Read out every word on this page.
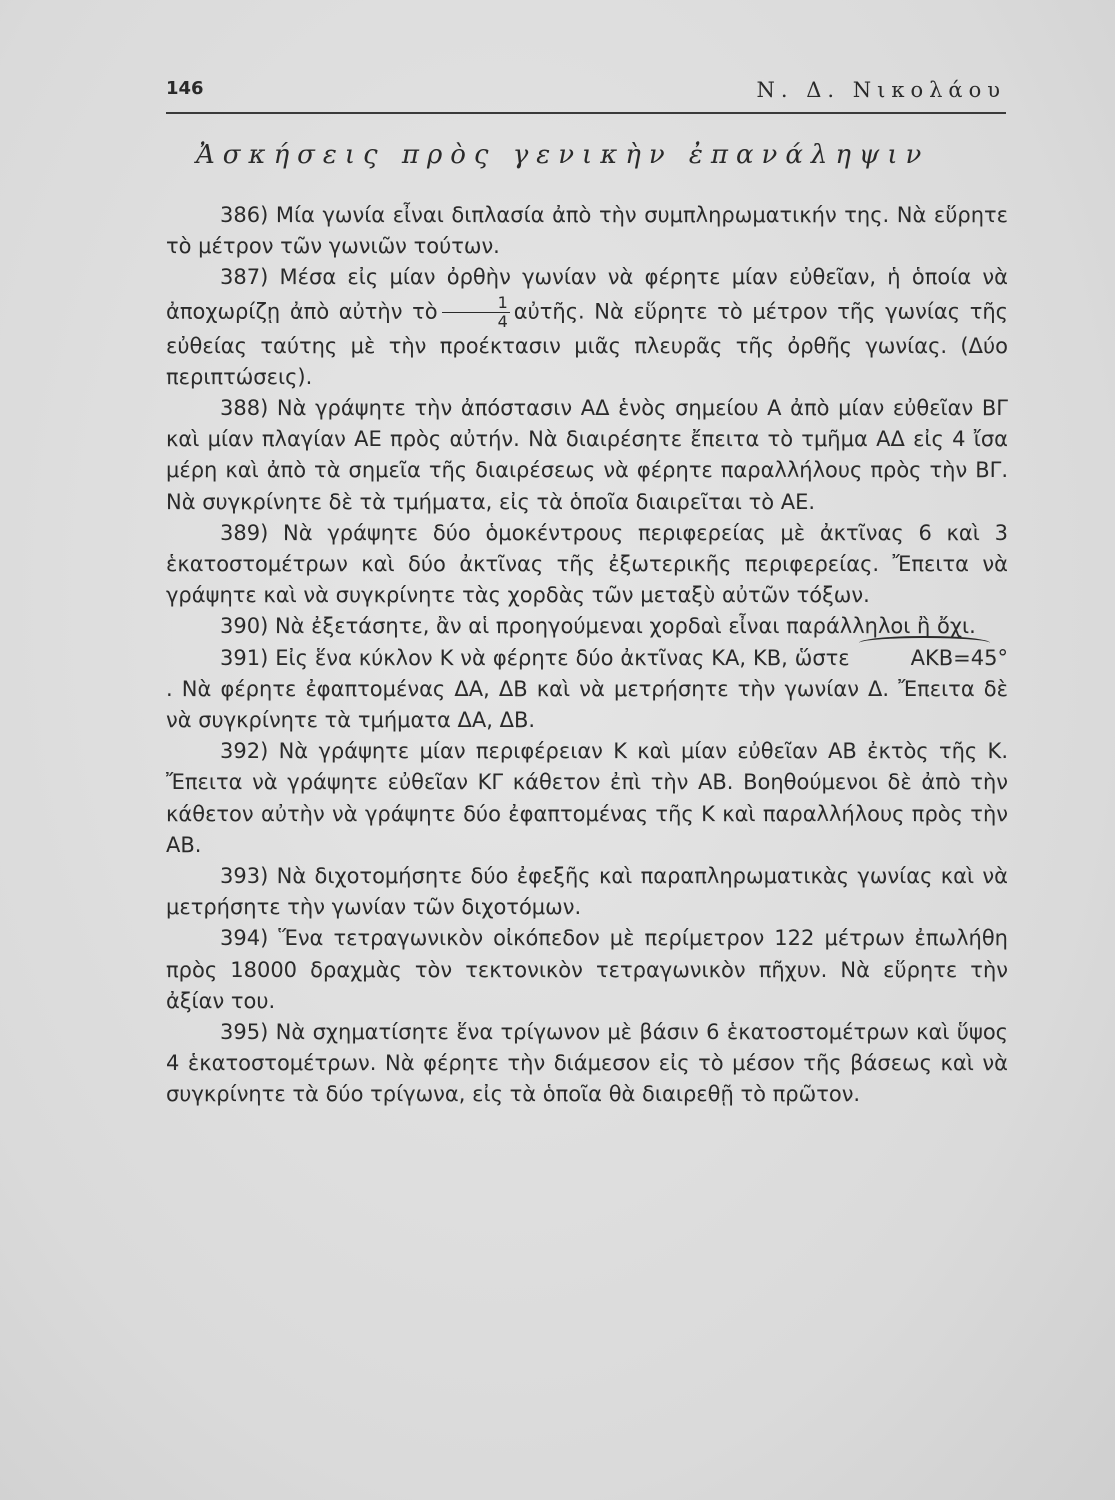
146	Ν. Δ. Νικολάου
Ἀσκήσεις πρὸς γενικὴν ἐπανάληψιν

386) Μία γωνία εἶναι διπλασία ἀπὸ τὴν συμπληρωματικήν της. Νὰ εὕρητε τὸ μέτρον τῶν γωνιῶν τούτων.

387) Μέσα εἰς μίαν ὀρθὴν γωνίαν νὰ φέρητε μίαν εὐθεῖαν, ἡ ὁποία νὰ ἀποχωρίζῃ ἀπὸ αὐτὴν τὸ $\frac{1}{4}$ αὐτῆς. Νὰ εὕρητε τὸ μέτρον τῆς γωνίας τῆς εὐθείας ταύτης μὲ τὴν προέκτασιν μιᾶς πλευρᾶς τῆς ὀρθῆς γωνίας. (Δύο περιπτώσεις).

388) Νὰ γράψητε τὴν ἀπόστασιν ΑΔ ἑνὸς σημείου Α ἀπὸ μίαν εὐθεῖαν ΒΓ καὶ μίαν πλαγίαν ΑΕ πρὸς αὐτήν. Νὰ διαιρέσητε ἔπειτα τὸ τμῆμα ΑΔ εἰς 4 ἴσα μέρη καὶ ἀπὸ τὰ σημεῖα τῆς διαιρέσεως νὰ φέρητε παραλλήλους πρὸς τὴν ΒΓ. Νὰ συγκρίνητε δὲ τὰ τμήματα, εἰς τὰ ὁποῖα διαιρεῖται τὸ ΑΕ.

389) Νὰ γράψητε δύο ὁμοκέντρους περιφερείας μὲ ἀκτῖνας 6 καὶ 3 ἑκατοστομέτρων καὶ δύο ἀκτῖνας τῆς ἐξωτερικῆς περιφερείας. Ἔπειτα νὰ γράψητε καὶ νὰ συγκρίνητε τὰς χορδὰς τῶν μεταξὺ αὐτῶν τόξων.

390) Νὰ ἐξετάσητε, ἂν αἱ προηγούμεναι χορδαὶ εἶναι παράλληλοι ἢ ὄχι.

391) Εἰς ἕνα κύκλον Κ νὰ φέρητε δύο ἀκτῖνας ΚΑ, ΚΒ, ὥστε	ΑΚΒ=45°. Νὰ φέρητε ἐφαπτομένας ΔΑ, ΔΒ καὶ νὰ μετρήσητε τὴν γωνίαν Δ. Ἔπειτα δὲ νὰ συγκρίνητε τὰ τμήματα ΔΑ, ΔΒ.

392) Νὰ γράψητε μίαν περιφέρειαν Κ καὶ μίαν εὐθεῖαν ΑΒ ἐκτὸς τῆς Κ. Ἔπειτα νὰ γράψητε εὐθεῖαν ΚΓ κάθετον ἐπὶ τὴν ΑΒ. Βοηθούμενοι δὲ ἀπὸ τὴν κάθετον αὐτὴν νὰ γράψητε δύο ἐφαπτομένας τῆς Κ καὶ παραλλήλους πρὸς τὴν ΑΒ.

393) Νὰ διχοτομήσητε δύο ἐφεξῆς καὶ παραπληρωματικὰς γωνίας καὶ νὰ μετρήσητε τὴν γωνίαν τῶν διχοτόμων.

394) Ἕνα τετραγωνικὸν οἰκόπεδον μὲ περίμετρον 122 μέτρων ἐπωλήθη πρὸς 18000 δραχμὰς τὸν τεκτονικὸν τετραγωνικὸν πῆχυν. Νὰ εὕρητε τὴν ἀξίαν του.

395) Νὰ σχηματίσητε ἕνα τρίγωνον μὲ βάσιν 6 ἑκατοστομέτρων καὶ ὕψος 4 ἑκατοστομέτρων. Νὰ φέρητε τὴν διάμεσον εἰς τὸ μέσον τῆς βάσεως καὶ νὰ συγκρίνητε τὰ δύο τρίγωνα, εἰς τὰ ὁποῖα θὰ διαιρεθῇ τὸ πρῶτον.
